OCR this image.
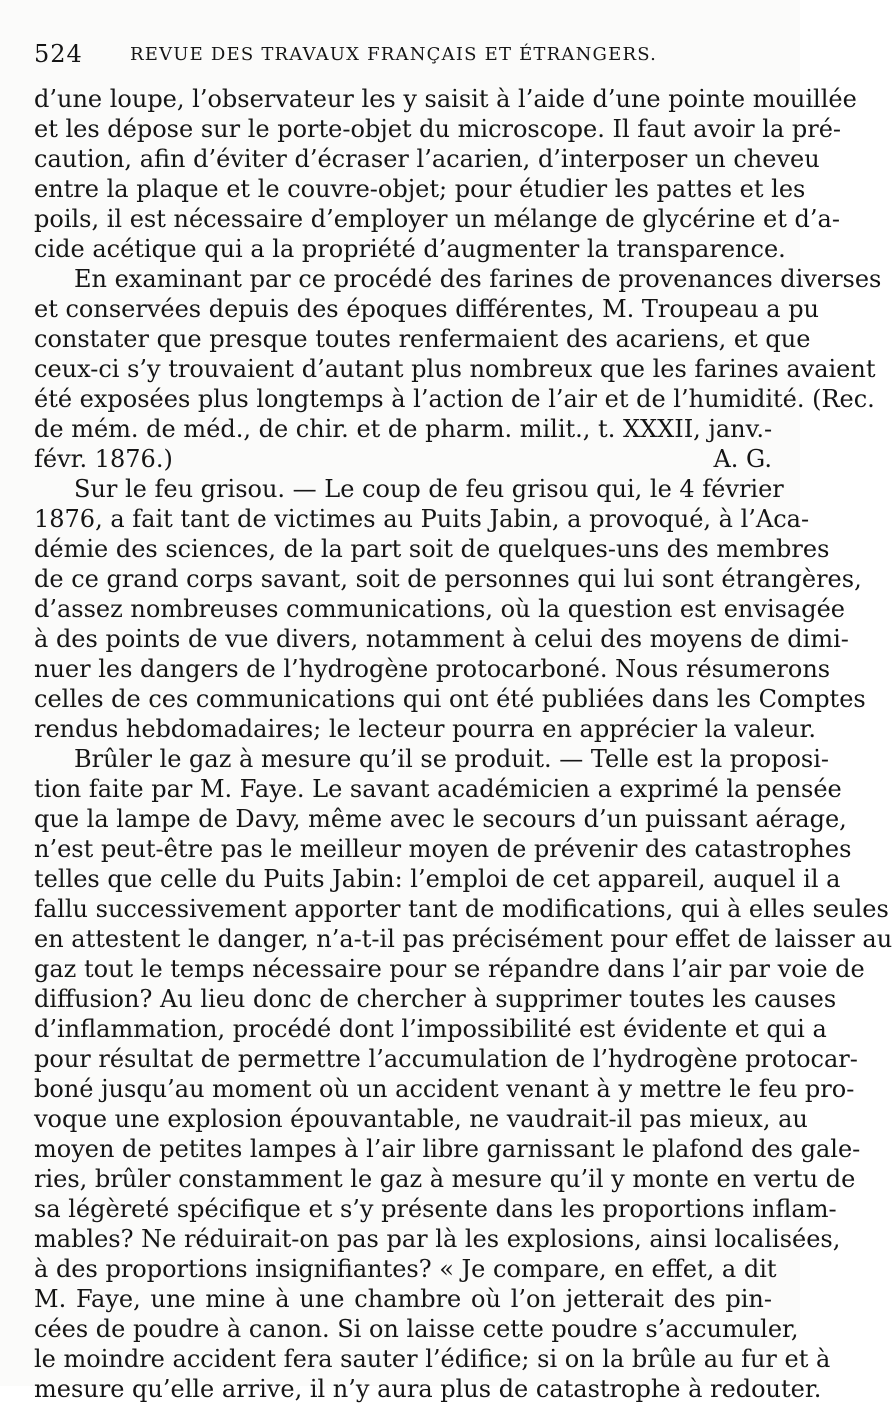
524	REVUE DES TRAVAUX FRANÇAIS ET ÉTRANGERS.
d’une loupe, l’observateur les y saisit à l’aide d’une pointe mouillée
et les dépose sur le porte-objet du microscope. Il faut avoir la pré-
caution, afin d’éviter d’écraser l’acarien, d’interposer un cheveu
entre la plaque et le couvre-objet; pour étudier les pattes et les
poils, il est nécessaire d’employer un mélange de glycérine et d’a-
cide acétique qui a la propriété d’augmenter la transparence.
En examinant par ce procédé des farines de provenances diverses
et conservées depuis des époques différentes, M. Troupeau a pu
constater que presque toutes renfermaient des acariens, et que
ceux-ci s’y trouvaient d’autant plus nombreux que les farines avaient
été exposées plus longtemps à l’action de l’air et de l’humidité. (Rec.
de mém. de méd., de chir. et de pharm. milit., t. XXXII, janv.-
févr. 1876.)	A. G.
Sur le feu grisou. — Le coup de feu grisou qui, le 4 février
1876, a fait tant de victimes au Puits Jabin, a provoqué, à l’Aca-
démie des sciences, de la part soit de quelques-uns des membres
de ce grand corps savant, soit de personnes qui lui sont étrangères,
d’assez nombreuses communications, où la question est envisagée
à des points de vue divers, notamment à celui des moyens de dimi-
nuer les dangers de l’hydrogène protocarboné. Nous résumerons
celles de ces communications qui ont été publiées dans les Comptes
rendus hebdomadaires; le lecteur pourra en apprécier la valeur.
Brûler le gaz à mesure qu’il se produit. — Telle est la proposi-
tion faite par M. Faye. Le savant académicien a exprimé la pensée
que la lampe de Davy, même avec le secours d’un puissant aérage,
n’est peut-être pas le meilleur moyen de prévenir des catastrophes
telles que celle du Puits Jabin: l’emploi de cet appareil, auquel il a
fallu successivement apporter tant de modifications, qui à elles seules
en attestent le danger, n’a-t-il pas précisément pour effet de laisser au
gaz tout le temps nécessaire pour se répandre dans l’air par voie de
diffusion? Au lieu donc de chercher à supprimer toutes les causes
d’inflammation, procédé dont l’impossibilité est évidente et qui a
pour résultat de permettre l’accumulation de l’hydrogène protocar-
boné jusqu’au moment où un accident venant à y mettre le feu pro-
voque une explosion épouvantable, ne vaudrait-il pas mieux, au
moyen de petites lampes à l’air libre garnissant le plafond des gale-
ries, brûler constamment le gaz à mesure qu’il y monte en vertu de
sa légèreté spécifique et s’y présente dans les proportions inflam-
mables? Ne réduirait-on pas par là les explosions, ainsi localisées,
à des proportions insignifiantes? « Je compare, en effet, a dit
M. Faye, une mine à une chambre où l’on jetterait des pin-
cées de poudre à canon. Si on laisse cette poudre s’accumuler,
le moindre accident fera sauter l’édifice; si on la brûle au fur et à
mesure qu’elle arrive, il n’y aura plus de catastrophe à redouter.
